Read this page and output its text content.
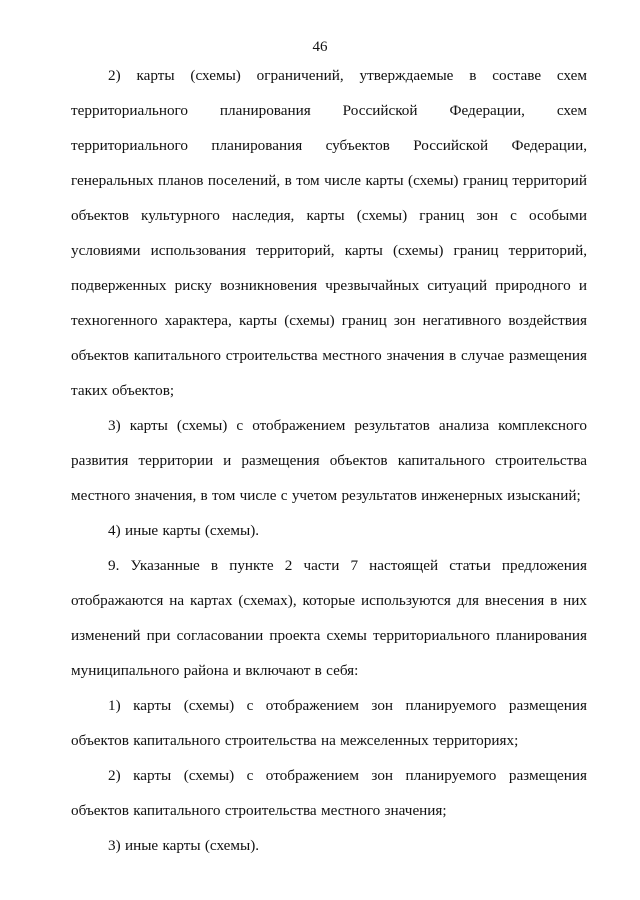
46

2) карты (схемы) ограничений, утверждаемые в составе схем территориального планирования Российской Федерации, схем территориального планирования субъектов Российской Федерации, генеральных планов поселений, в том числе карты (схемы) границ территорий объектов культурного наследия, карты (схемы) границ зон с особыми условиями использования территорий, карты (схемы) границ территорий, подверженных риску возникновения чрезвычайных ситуаций природного и техногенного характера, карты (схемы) границ зон негативного воздействия объектов капитального строительства местного значения в случае размещения таких объектов;

3) карты (схемы) с отображением результатов анализа комплексного развития территории и размещения объектов капитального строительства местного значения, в том числе с учетом результатов инженерных изысканий;

4) иные карты (схемы).

9. Указанные в пункте 2 части 7 настоящей статьи предложения отображаются на картах (схемах), которые используются для внесения в них изменений при согласовании проекта схемы территориального планирования муниципального района и включают в себя:

1) карты (схемы) с отображением зон планируемого размещения объектов капитального строительства на межселенных территориях;

2) карты (схемы) с отображением зон планируемого размещения объектов капитального строительства местного значения;

3) иные карты (схемы).
